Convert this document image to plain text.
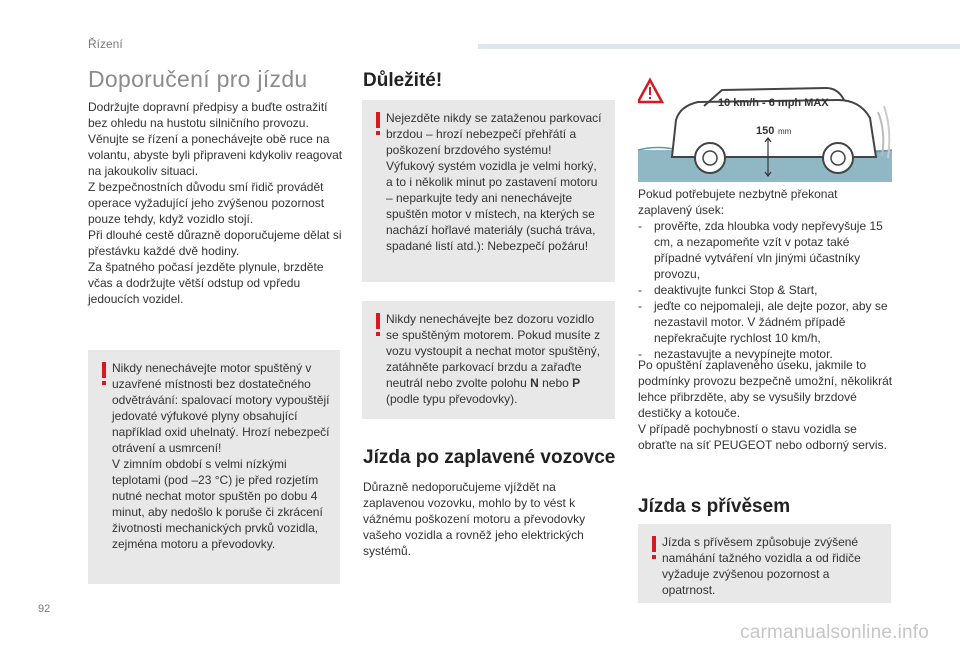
Řízení
Doporučení pro jízdu
Dodržujte dopravní předpisy a buďte ostražití bez ohledu na hustotu silničního provozu.
Věnujte se řízení a ponechávejte obě ruce na volantu, abyste byli připraveni kdykoliv reagovat na jakoukoliv situaci.
Z bezpečnostních důvodu smí řidič provádět operace vyžadující jeho zvýšenou pozornost pouze tehdy, když vozidlo stojí.
Při dlouhé cestě důrazně doporučujeme dělat si přestávku každé dvě hodiny.
Za špatného počasí jezděte plynule, brzděte včas a dodržujte větší odstup od vpředu jedoucích vozidel.
Nikdy nenechávejte motor spuštěný v uzavřené místnosti bez dostatečného odvětrávání: spalovací motory vypouštějí jedovaté výfukové plyny obsahující například oxid uhelnatý. Hrozí nebezpečí otrávení a usmrcení!
V zimním období s velmi nízkými teplotami (pod –23 °C) je před rozjetím nutné nechat motor spuštěn po dobu 4 minut, aby nedošlo k poruše či zkrácení životnosti mechanických prvků vozidla, zejména motoru a převodovky.
Důležité!
Nejezděte nikdy se zataženou parkovací brzdou – hrozí nebezpečí přehřátí a poškození brzdového systému!
Výfukový systém vozidla je velmi horký, a to i několik minut po zastavení motoru – neparkujte tedy ani nenechávejte spuštěn motor v místech, na kterých se nachází hořlavé materiály (suchá tráva, spadané listí atd.): Nebezpečí požáru!
Nikdy nenechávejte bez dozoru vozidlo se spuštěným motorem. Pokud musíte z vozu vystoupit a nechat motor spuštěný, zatáhněte parkovací brzdu a zařaďte neutrál nebo zvolte polohu N nebo P
(podle typu převodovky).
Jízda po zaplavené vozovce
Důrazně nedoporučujeme vjíždět na zaplavenou vozovku, mohlo by to vést k vážnému poškození motoru a převodovky vašeho vozidla a rovněž jeho elektrických systémů.
10 km/h - 6 mph MAX
150 mm
Pokud potřebujete nezbytně překonat zaplavený úsek:
-	prověřte, zda hloubka vody nepřevyšuje 15 cm, a nezapomeňte vzít v potaz také případné vytváření vln jinými účastníky provozu,
-	deaktivujte funkci Stop & Start,
-	jeďte co nejpomaleji, ale dejte pozor, aby se nezastavil motor. V žádném případě nepřekračujte rychlost 10 km/h,
-	nezastavujte a nevypínejte motor.
Po opuštění zaplaveného úseku, jakmile to podmínky provozu bezpečně umožní, několikrát lehce přibrzděte, aby se vysušily brzdové destičky a kotouče.
V případě pochybností o stavu vozidla se obraťte na síť PEUGEOT nebo odborný servis.
Jízda s přívěsem
Jízda s přívěsem způsobuje zvýšené namáhání tažného vozidla a od řidiče vyžaduje zvýšenou pozornost a opatrnost.
92
carmanualsonline.info
